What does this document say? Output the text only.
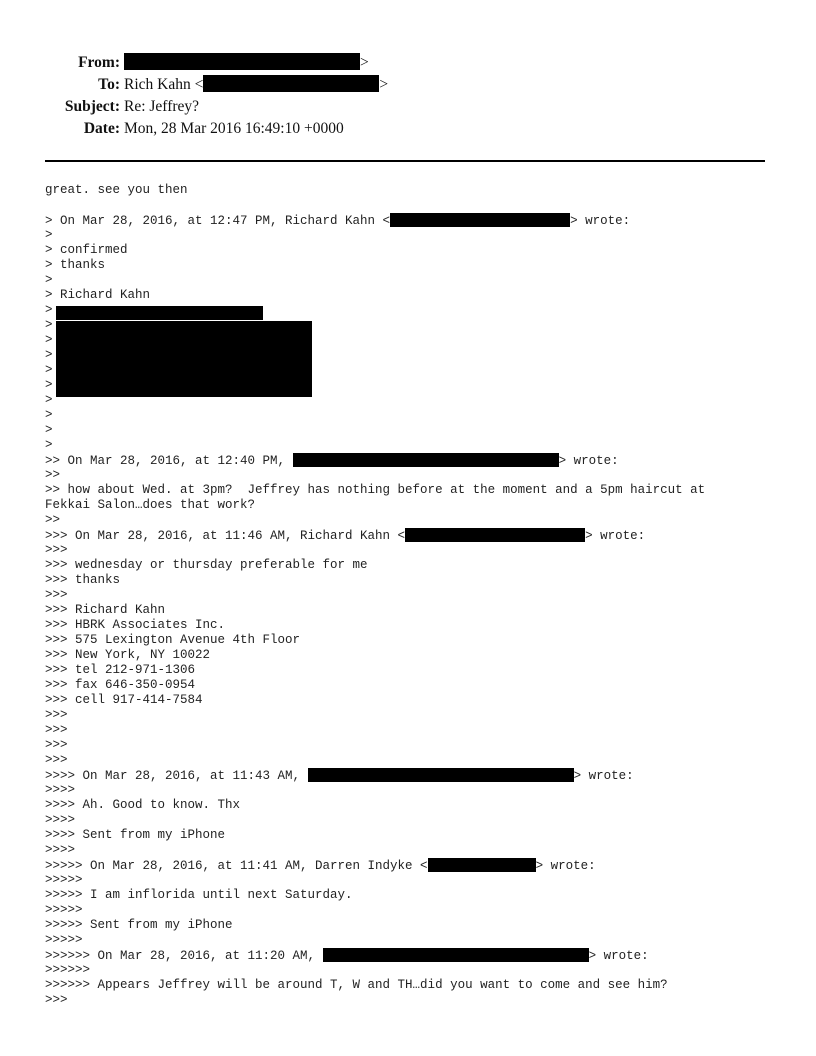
From:	>
To: Rich Kahn <	>
Subject: Re: Jeffrey?
Date: Mon, 28 Mar 2016 16:49:10 +0000
great. see you then
> On Mar 28, 2016, at 12:47 PM, Richard Kahn <	> wrote:
>
> confirmed
> thanks
>
> Richard Kahn
>
>
>
>
>
>
>
>
>
>
>> On Mar 28, 2016, at 12:40 PM,	> wrote:
>>
>> how about Wed. at 3pm?  Jeffrey has nothing before at the moment and a 5pm haircut at
Fekkai Salon…does that work?
>>
>>> On Mar 28, 2016, at 11:46 AM, Richard Kahn <	> wrote:
>>>
>>> wednesday or thursday preferable for me
>>> thanks
>>>
>>> Richard Kahn
>>> HBRK Associates Inc.
>>> 575 Lexington Avenue 4th Floor
>>> New York, NY 10022
>>> tel 212-971-1306
>>> fax 646-350-0954
>>> cell 917-414-7584
>>>
>>>
>>>
>>>
>>>> On Mar 28, 2016, at 11:43 AM,	> wrote:
>>>>
>>>> Ah. Good to know. Thx
>>>>
>>>> Sent from my iPhone
>>>>
>>>>> On Mar 28, 2016, at 11:41 AM, Darren Indyke <	> wrote:
>>>>>
>>>>> I am inflorida until next Saturday.
>>>>>
>>>>> Sent from my iPhone
>>>>>
>>>>>> On Mar 28, 2016, at 11:20 AM,	> wrote:
>>>>>>
>>>>>> Appears Jeffrey will be around T, W and TH…did you want to come and see him?
>>>
